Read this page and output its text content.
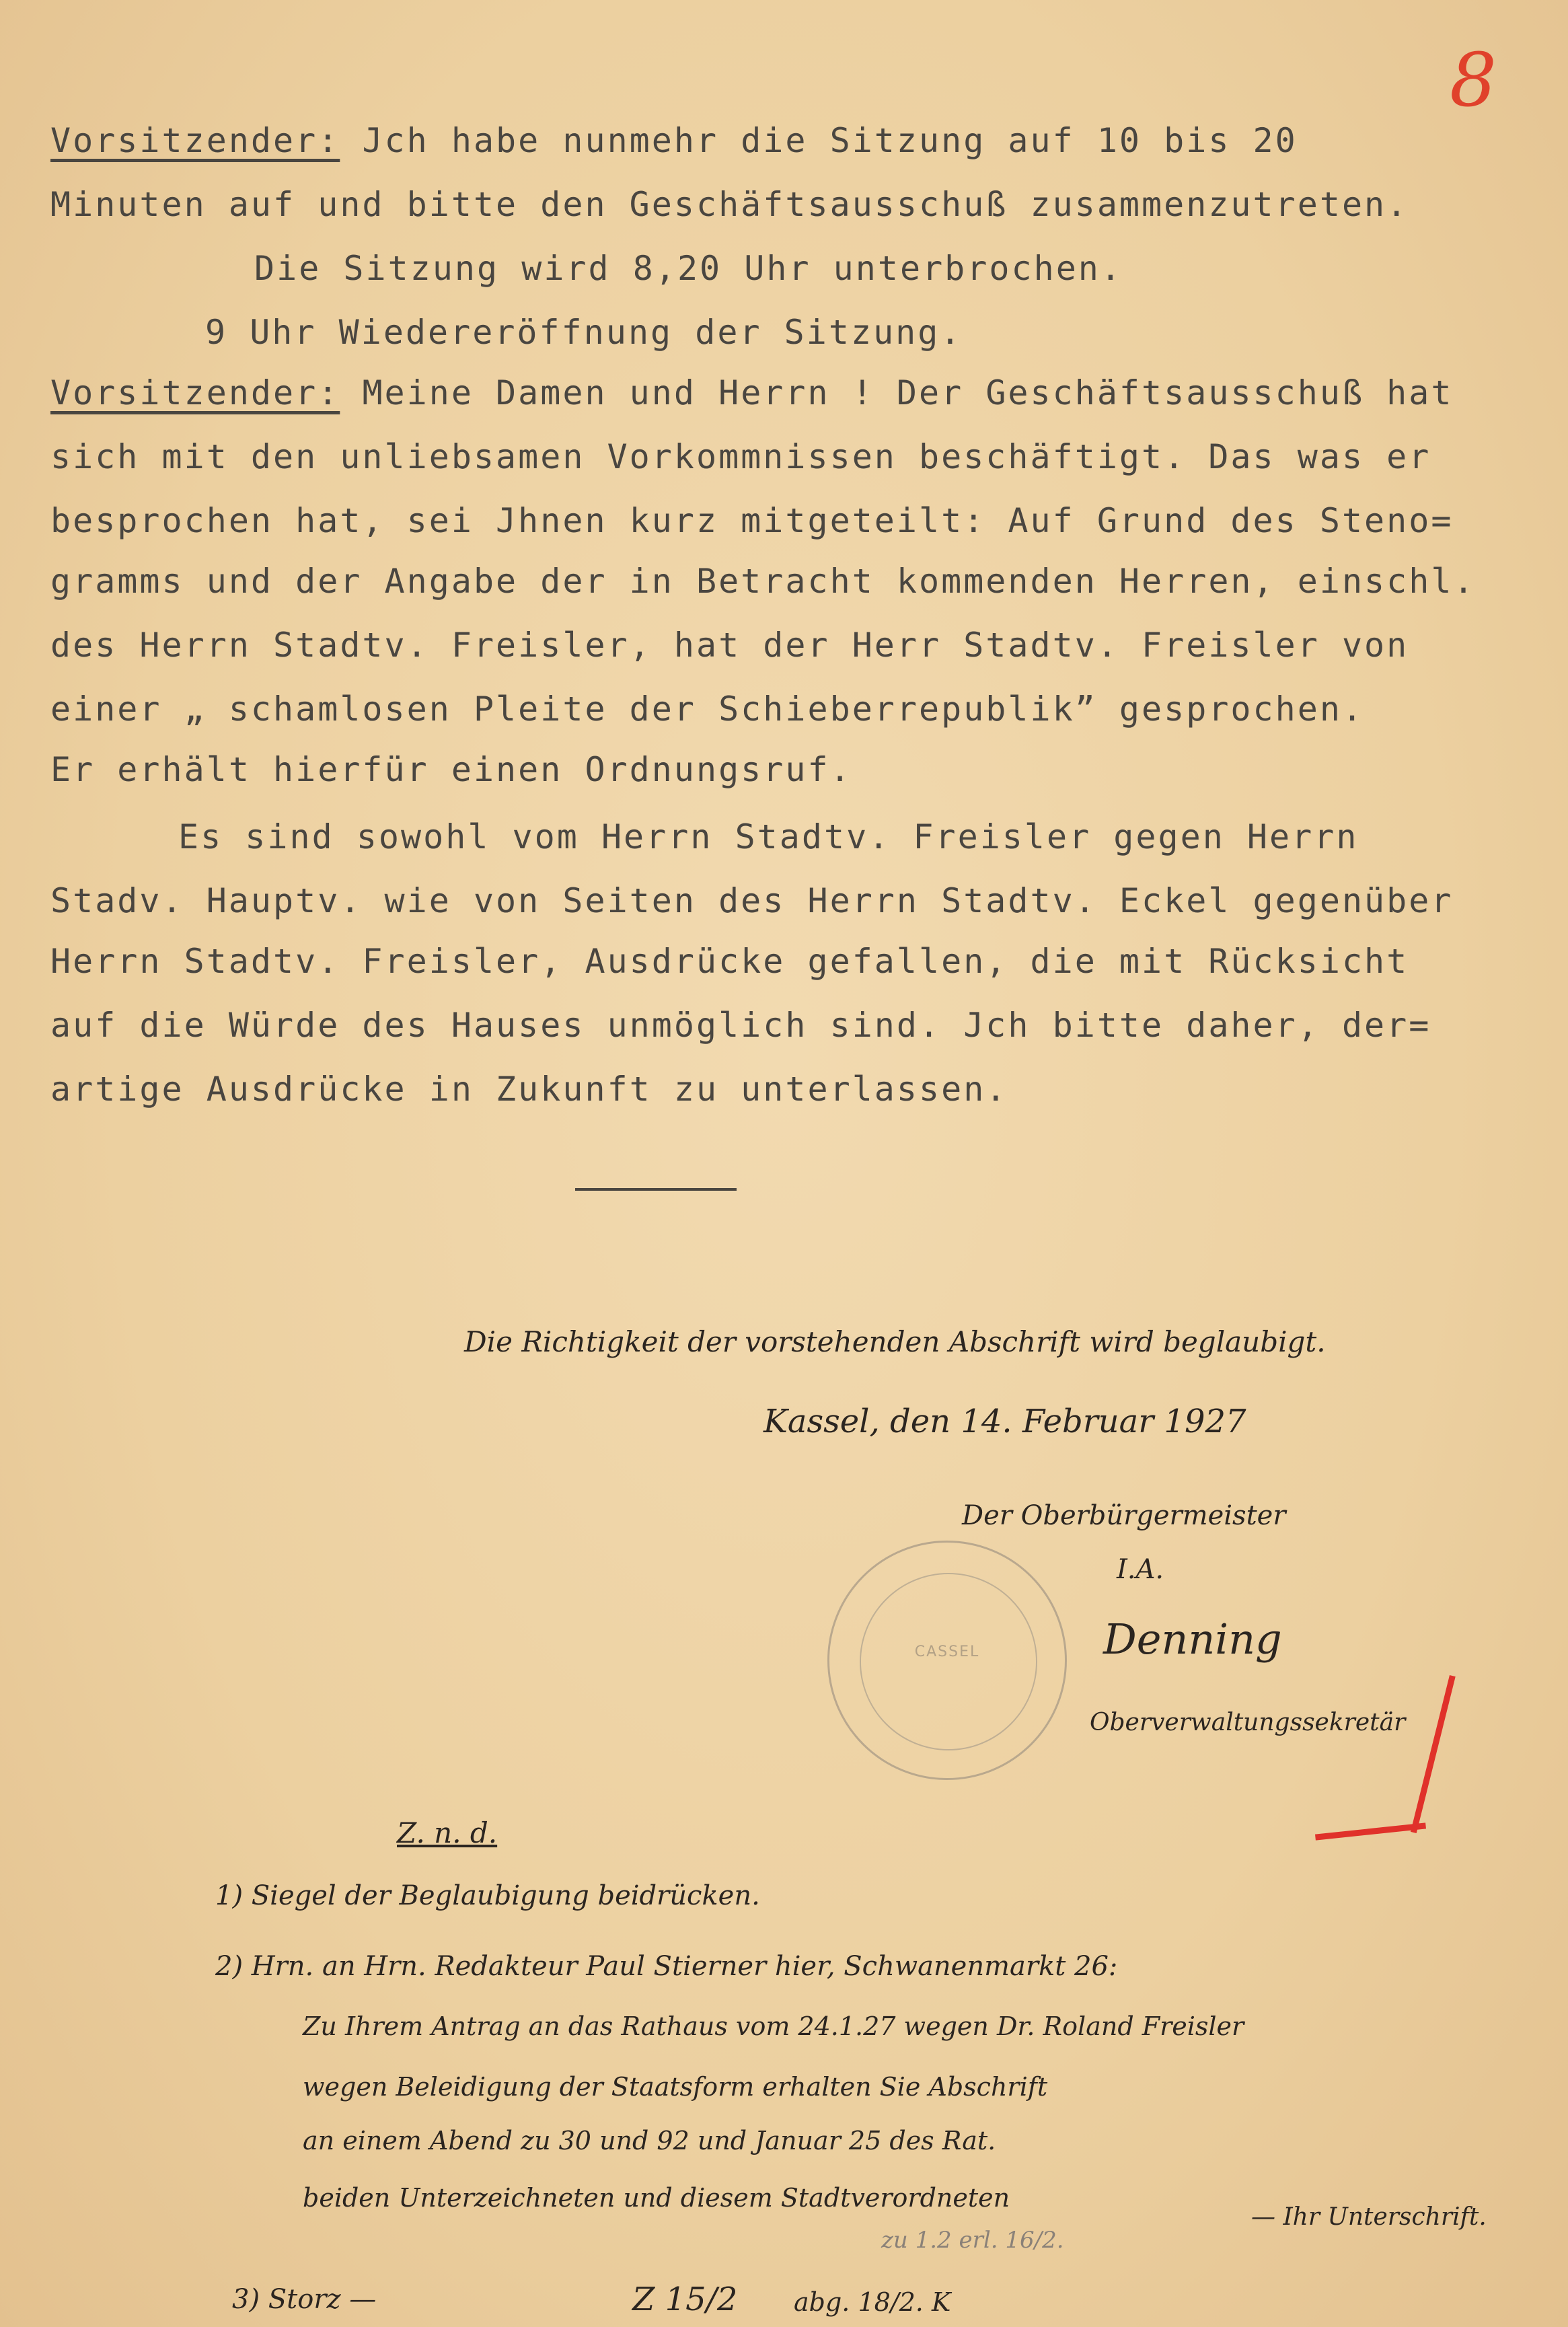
8
Vorsitzender: Jch habe nunmehr die Sitzung auf 10 bis 20
Minuten auf und bitte den Geschäftsausschuß zusammenzutreten.
Die Sitzung wird 8,20 Uhr unterbrochen.
9 Uhr Wiedereröffnung der Sitzung.
Vorsitzender: Meine Damen und Herrn ! Der Geschäftsausschuß hat
sich mit den unliebsamen Vorkommnissen beschäftigt. Das was er
besprochen hat, sei Jhnen kurz mitgeteilt: Auf Grund des Steno=
gramms und der Angabe der in Betracht kommenden Herren, einschl.
des Herrn Stadtv. Freisler, hat der Herr Stadtv. Freisler von
einer „ schamlosen Pleite der Schieberrepublik” gesprochen.
Er erhält hierfür einen Ordnungsruf.
Es sind sowohl vom Herrn Stadtv. Freisler gegen Herrn
Stadv. Hauptv. wie von Seiten des Herrn Stadtv. Eckel gegenüber
Herrn Stadtv. Freisler, Ausdrücke gefallen, die mit Rücksicht
auf die Würde des Hauses unmöglich sind. Jch bitte daher, der=
artige Ausdrücke in Zukunft zu unterlassen.
Die Richtigkeit der vorstehenden Abschrift wird beglaubigt.
Kassel, den 14. Februar 1927
Der Oberbürgermeister
CASSEL
I.A.
Denning
Oberverwaltungssekretär
Z. n. d.
1) Siegel der Beglaubigung beidrücken.
2) Hrn. an Hrn. Redakteur Paul Stierner hier, Schwanenmarkt 26:
Zu Ihrem Antrag an das Rathaus vom 24.1.27 wegen Dr. Roland Freisler
wegen Beleidigung der Staatsform erhalten Sie Abschrift
an einem Abend zu 30 und 92 und Januar 25 des Rat.
beiden Unterzeichneten und diesem Stadtverordneten
— Ihr Unterschrift.
3) Storz —	Z 15/2 abg. 18/2. K
zu 1.2 erl. 16/2.
